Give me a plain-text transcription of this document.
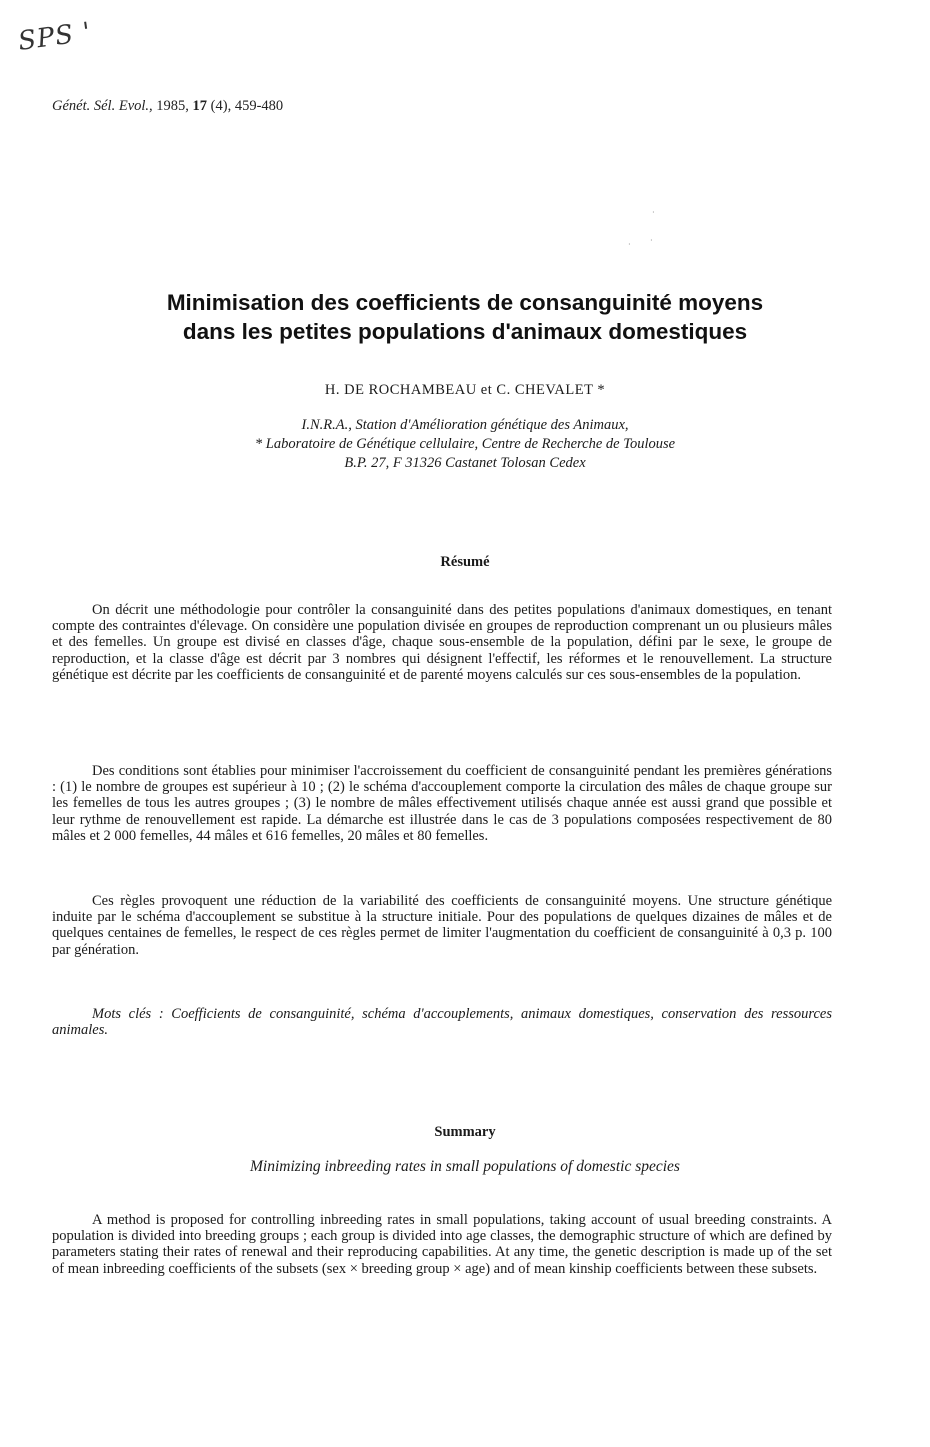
SPS '
Génét. Sél. Evol., 1985, 17 (4), 459-480
·
· ·
Minimisation des coefficients de consanguinité moyens
dans les petites populations d'animaux domestiques
H. DE ROCHAMBEAU et C. CHEVALET *
I.N.R.A., Station d'Amélioration génétique des Animaux,
* Laboratoire de Génétique cellulaire, Centre de Recherche de Toulouse
B.P. 27, F 31326 Castanet Tolosan Cedex
Résumé

On décrit une méthodologie pour contrôler la consanguinité dans des petites populations d'animaux domestiques, en tenant compte des contraintes d'élevage. On considère une population divisée en groupes de reproduction comprenant un ou plusieurs mâles et des femelles. Un groupe est divisé en classes d'âge, chaque sous-ensemble de la population, défini par le sexe, le groupe de reproduction, et la classe d'âge est décrit par 3 nombres qui désignent l'effectif, les réformes et le renouvellement. La structure génétique est décrite par les coefficients de consanguinité et de parenté moyens calculés sur ces sous-ensembles de la population.

Des conditions sont établies pour minimiser l'accroissement du coefficient de consanguinité pendant les premières générations : (1) le nombre de groupes est supérieur à 10 ; (2) le schéma d'accouplement comporte la circulation des mâles de chaque groupe sur les femelles de tous les autres groupes ; (3) le nombre de mâles effectivement utilisés chaque année est aussi grand que possible et leur rythme de renouvellement est rapide. La démarche est illustrée dans le cas de 3 populations composées respectivement de 80 mâles et 2 000 femelles, 44 mâles et 616 femelles, 20 mâles et 80 femelles.

Ces règles provoquent une réduction de la variabilité des coefficients de consanguinité moyens. Une structure génétique induite par le schéma d'accouplement se substitue à la structure initiale. Pour des populations de quelques dizaines de mâles et de quelques centaines de femelles, le respect de ces règles permet de limiter l'augmentation du coefficient de consanguinité à 0,3 p. 100 par génération.

Mots clés : Coefficients de consanguinité, schéma d'accouplements, animaux domestiques, conservation des ressources animales.

Summary
Minimizing inbreeding rates in small populations of domestic species

A method is proposed for controlling inbreeding rates in small populations, taking account of usual breeding constraints. A population is divided into breeding groups ; each group is divided into age classes, the demographic structure of which are defined by parameters stating their rates of renewal and their reproducing capabilities. At any time, the genetic description is made up of the set of mean inbreeding coefficients of the subsets (sex × breeding group × age) and of mean kinship coefficients between these subsets.
